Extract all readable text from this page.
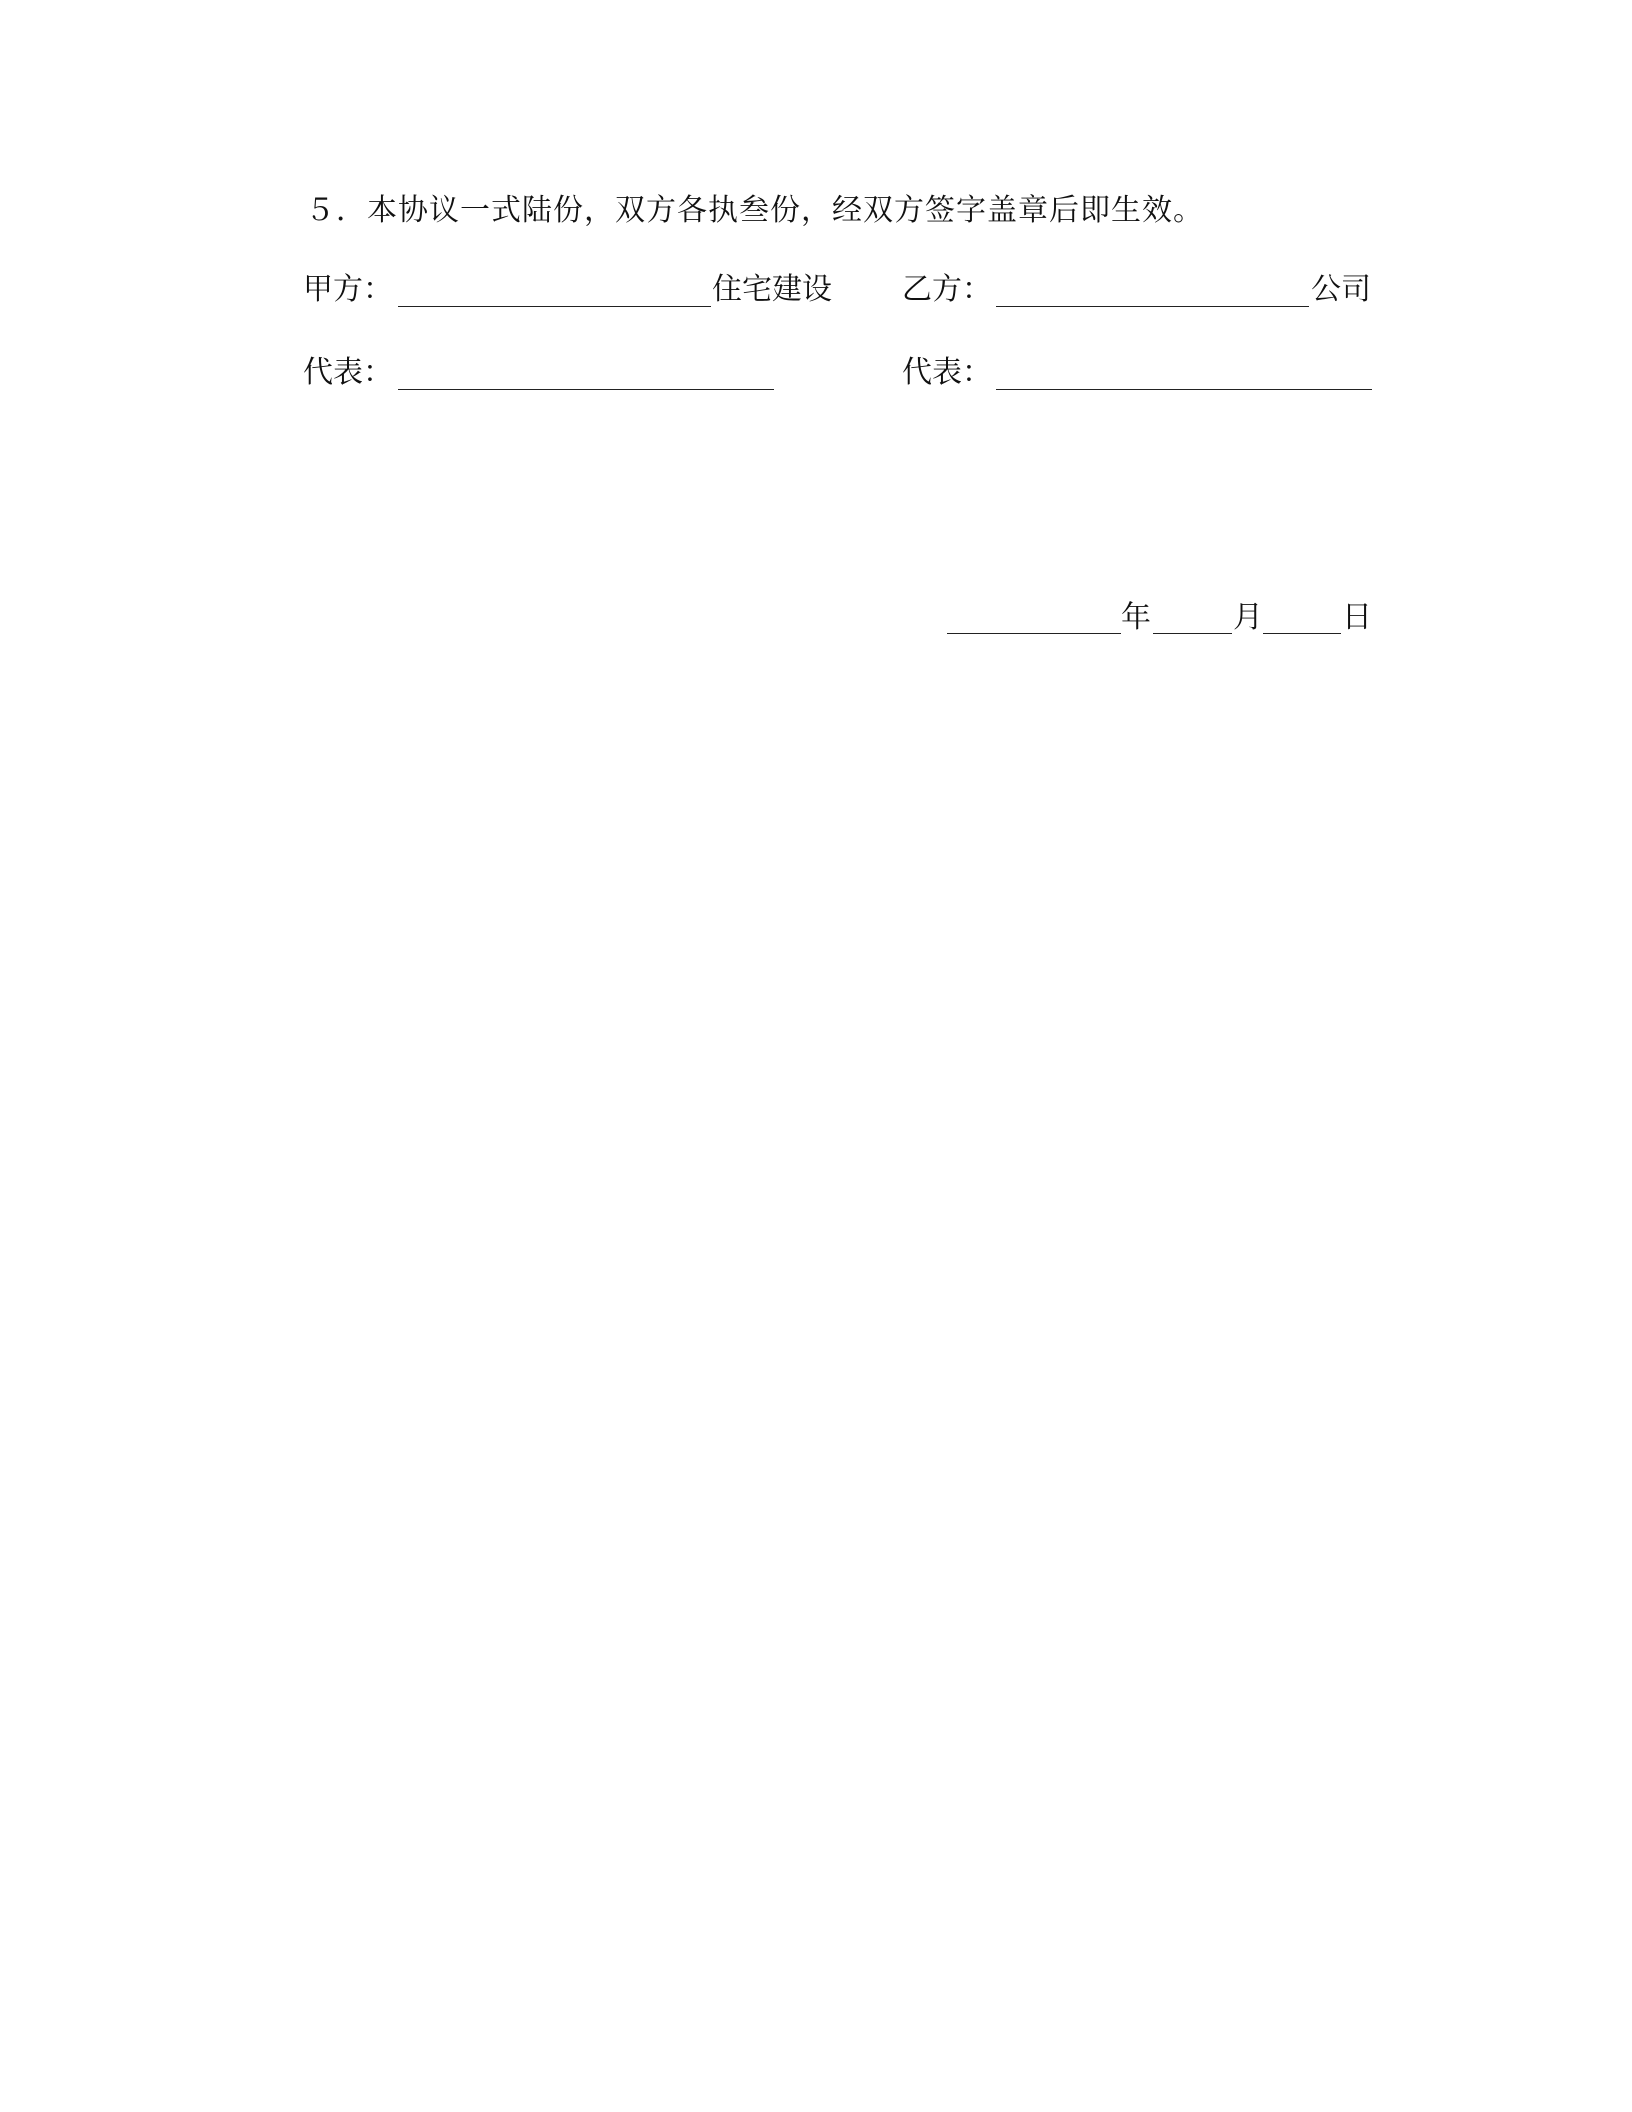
５．本协议一式陆份，双方各执叁份，经双方签字盖章后即生效。
甲方：	住宅建设 乙方：	公司
代表：	代表：
年	月	日
